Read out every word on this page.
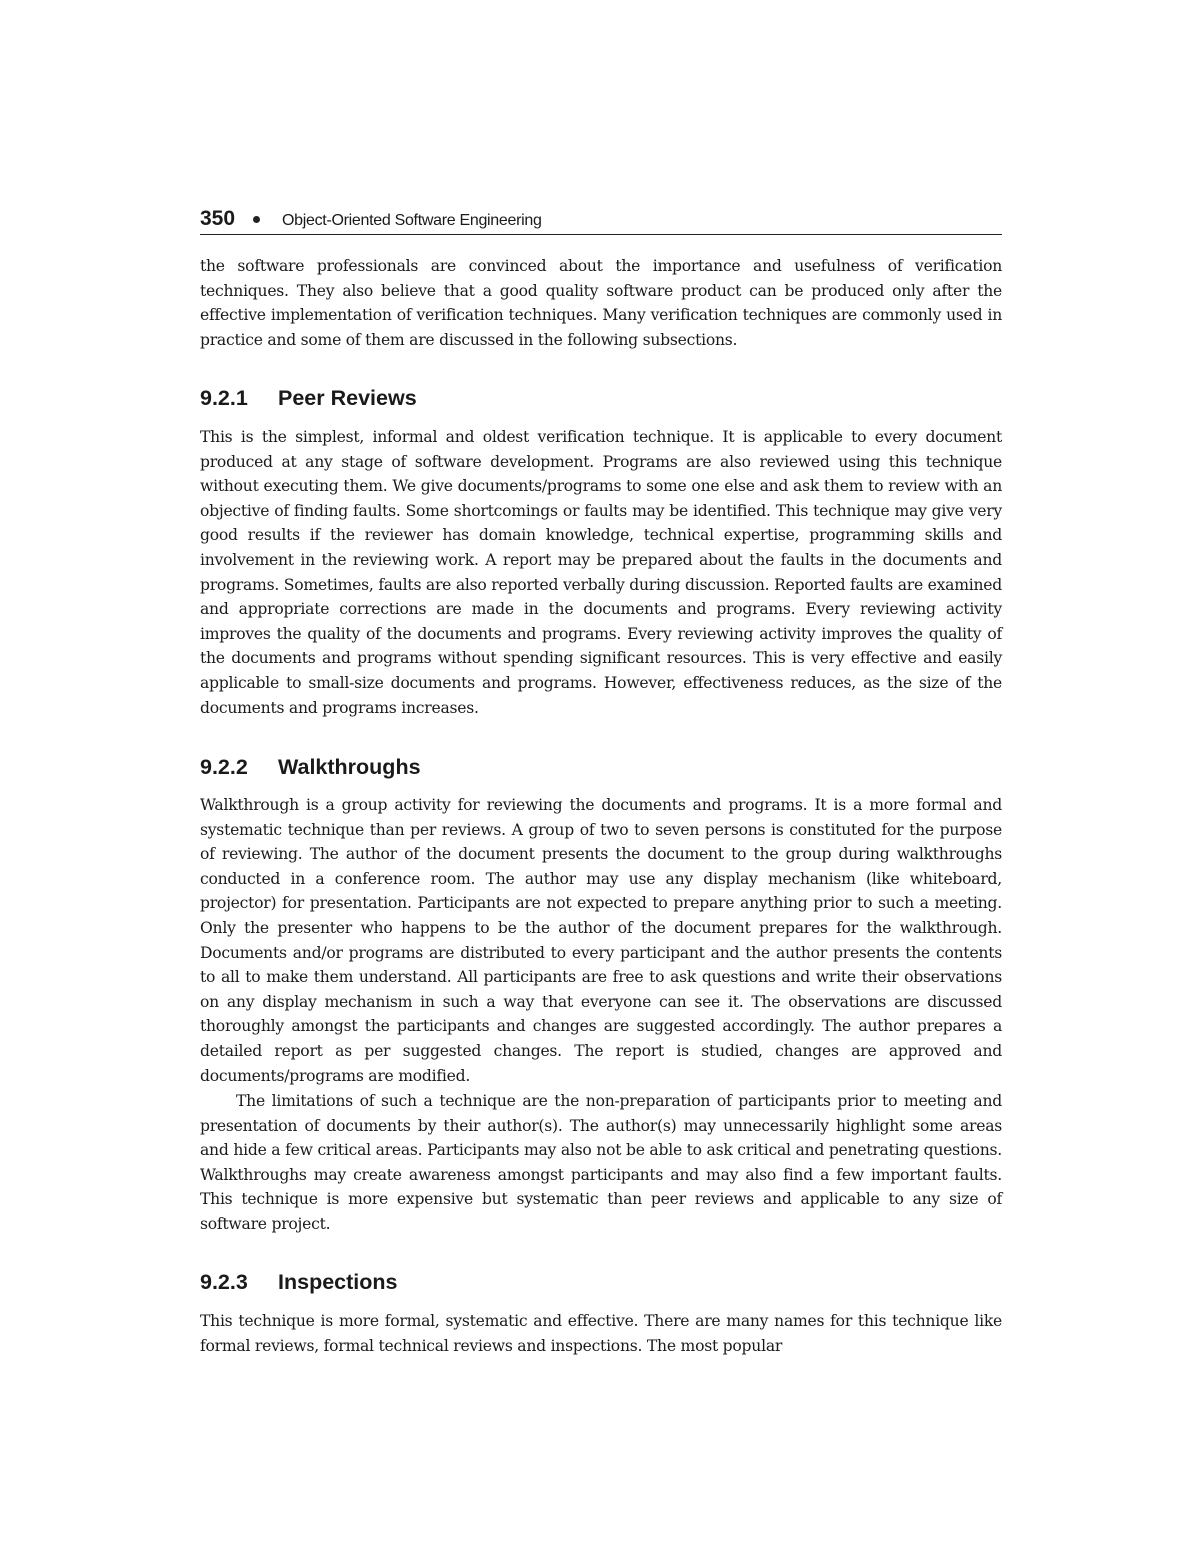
350	Object-Oriented Software Engineering

the software professionals are convinced about the importance and usefulness of verification techniques. They also believe that a good quality software product can be produced only after the effective implementation of verification techniques. Many verification techniques are commonly used in practice and some of them are discussed in the following subsections.

9.2.1 Peer Reviews

This is the simplest, informal and oldest verification technique. It is applicable to every document produced at any stage of software development. Programs are also reviewed using this technique without executing them. We give documents/programs to some one else and ask them to review with an objective of finding faults. Some shortcomings or faults may be identified. This technique may give very good results if the reviewer has domain knowledge, technical expertise, programming skills and involvement in the reviewing work. A report may be prepared about the faults in the documents and programs. Sometimes, faults are also reported verbally during discussion. Reported faults are examined and appropriate corrections are made in the documents and programs. Every reviewing activity improves the quality of the documents and programs. Every reviewing activity improves the quality of the documents and programs without spending significant resources. This is very effective and easily applicable to small-size documents and programs. However, effectiveness reduces, as the size of the documents and programs increases.

9.2.2 Walkthroughs

Walkthrough is a group activity for reviewing the documents and programs. It is a more formal and systematic technique than per reviews. A group of two to seven persons is constituted for the purpose of reviewing. The author of the document presents the document to the group during walkthroughs conducted in a conference room. The author may use any display mechanism (like whiteboard, projector) for presentation. Participants are not expected to prepare anything prior to such a meeting. Only the presenter who happens to be the author of the document prepares for the walkthrough. Documents and/or programs are distributed to every participant and the author presents the contents to all to make them understand. All participants are free to ask questions and write their observations on any display mechanism in such a way that everyone can see it. The observations are discussed thoroughly amongst the participants and changes are suggested accordingly. The author prepares a detailed report as per suggested changes. The report is studied, changes are approved and documents/programs are modified.

The limitations of such a technique are the non-preparation of participants prior to meeting and presentation of documents by their author(s). The author(s) may unnecessarily highlight some areas and hide a few critical areas. Participants may also not be able to ask critical and penetrating questions. Walkthroughs may create awareness amongst participants and may also find a few important faults. This technique is more expensive but systematic than peer reviews and applicable to any size of software project.

9.2.3 Inspections

This technique is more formal, systematic and effective. There are many names for this technique like formal reviews, formal technical reviews and inspections. The most popular
